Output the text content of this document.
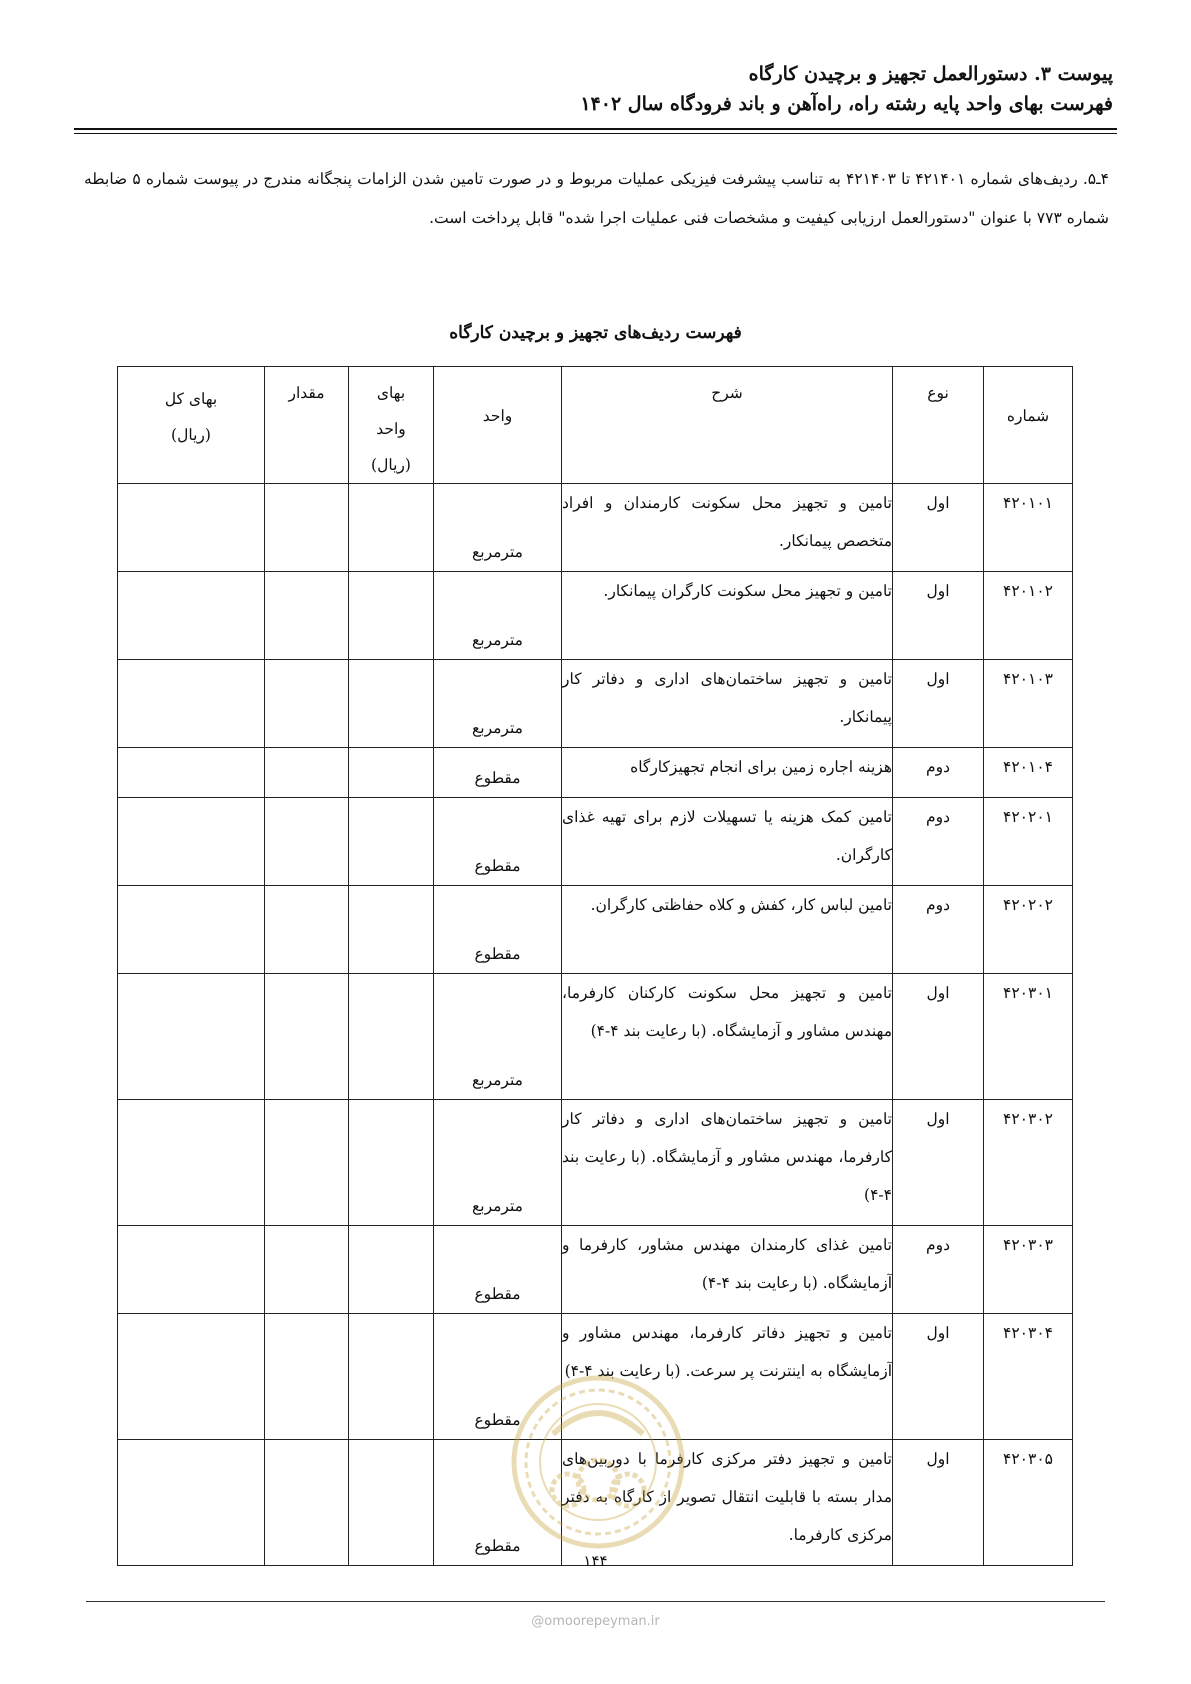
پیوست ۳. دستورالعمل تجهیز و برچیدن کارگاه
فهرست بهای واحد پایه رشته راه، راه‌آهن و باند فرودگاه سال ۱۴۰۲
۴ـ۵. ردیف‌های شماره ۴۲۱۴۰۱ تا ۴۲۱۴۰۳ به تناسب پیشرفت فیزیکی عملیات مربوط و در صورت تامین شدن الزامات پنجگانه مندرج در پیوست شماره ۵ ضابطه شماره ۷۷۳ با عنوان "دستورالعمل ارزیابی کیفیت و مشخصات فنی عملیات اجرا شده" قابل پرداخت است.
فهرست ردیف‌های تجهیز و برچیدن کارگاه
شماره	نوع	شرح	واحد	بهای واحد (ریال)	مقدار	بهای کل (ریال)

۴۲۰۱۰۱	اول	تامین و تجهیز محل سکونت کارمندان و افراد متخصص پیمانکار.	مترمربع			
۴۲۰۱۰۲	اول	تامین و تجهیز محل سکونت کارگران پیمانکار.	مترمربع			
۴۲۰۱۰۳	اول	تامین و تجهیز ساختمان‌های اداری و دفاتر کار پیمانکار.	مترمربع			
۴۲۰۱۰۴	دوم	هزینه اجاره زمین برای انجام تجهیزکارگاه	مقطوع			
۴۲۰۲۰۱	دوم	تامین کمک هزینه یا تسهیلات لازم برای تهیه غذای کارگران.	مقطوع			
۴۲۰۲۰۲	دوم	تامین لباس کار، کفش و کلاه حفاظتی کارگران.	مقطوع			
۴۲۰۳۰۱	اول	تامین و تجهیز محل سکونت کارکنان کارفرما، مهندس مشاور و آزمایشگاه. (با رعایت بند ۴-۴)	مترمربع			
۴۲۰۳۰۲	اول	تامین و تجهیز ساختمان‌های اداری و دفاتر کار کارفرما، مهندس مشاور و آزمایشگاه. (با رعایت بند ۴-۴)	مترمربع			
۴۲۰۳۰۳	دوم	تامین غذای کارمندان مهندس مشاور، کارفرما و آزمایشگاه. (با رعایت بند ۴-۴)	مقطوع			
۴۲۰۳۰۴	اول	تامین و تجهیز دفاتر کارفرما، مهندس مشاور و آزمایشگاه به اینترنت پر سرعت. (با رعایت بند ۴-۴)	مقطوع			
۴۲۰۳۰۵	اول	تامین و تجهیز دفتر مرکزی کارفرما با دوربین‌های مدار بسته با قابلیت انتقال تصویر از کارگاه به دفتر مرکزی کارفرما.	مقطوع			
۱۴۴
@omoorepeyman.ir
